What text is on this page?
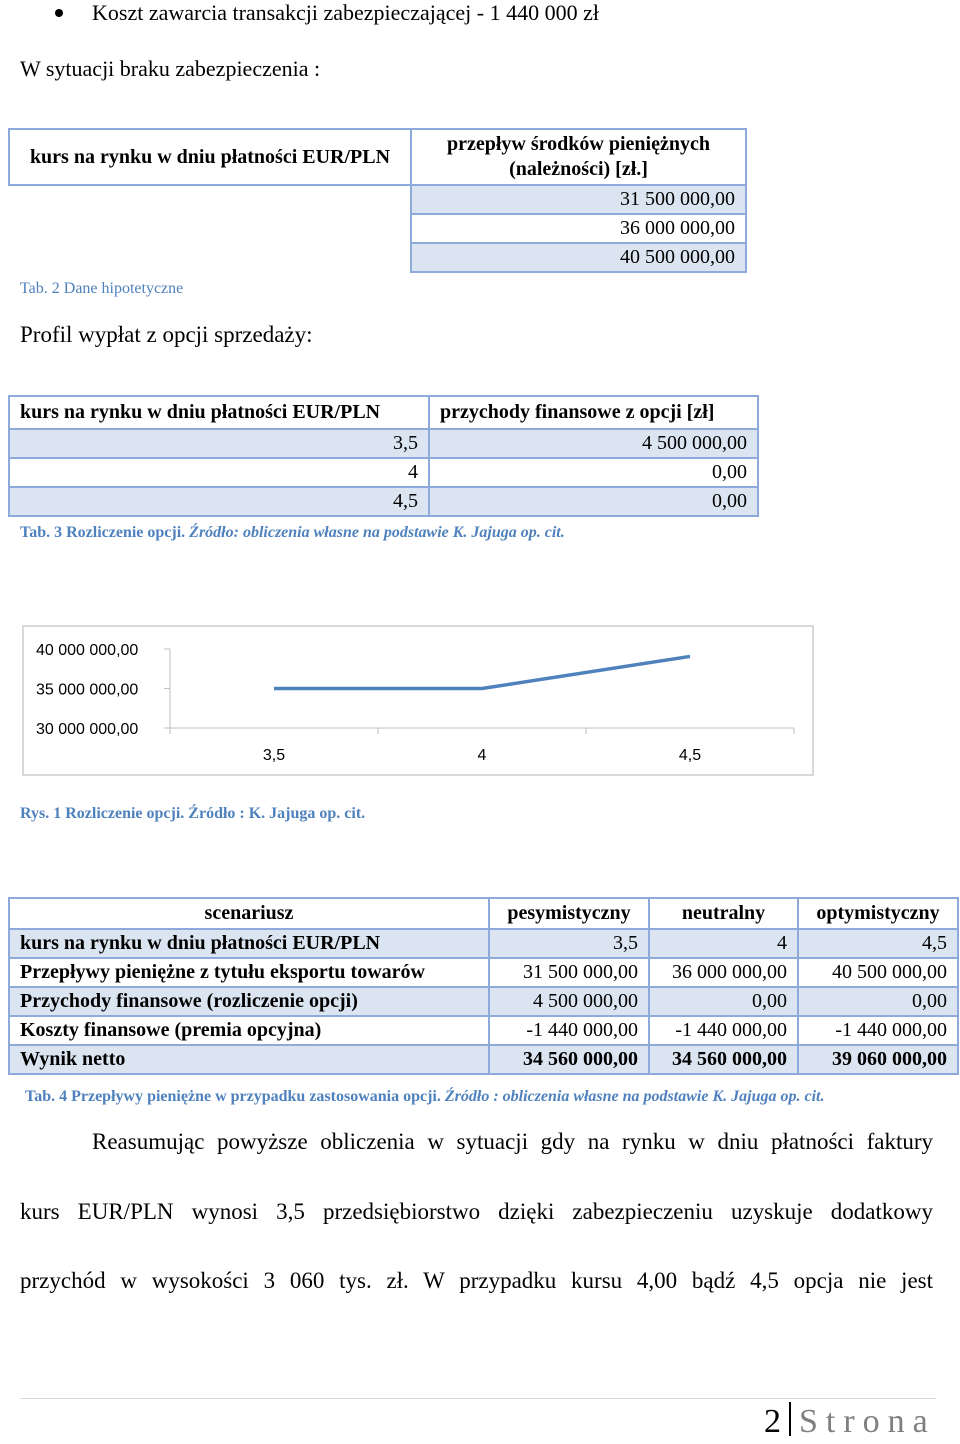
Koszt zawarcia transakcji zabezpieczającej - 1 440 000 zł
W sytuacji braku zabezpieczenia :
kurs na rynku w dniu płatności EUR/PLN	przepływ środków pieniężnych (należności) [zł.]
	31 500 000,00
	36 000 000,00
	40 500 000,00
Tab. 2 Dane hipotetyczne
Profil wypłat z opcji sprzedaży:
kurs na rynku w dniu płatności EUR/PLN	przychody finansowe z opcji [zł]
3,5	4 500 000,00
4	0,00
4,5	0,00
Tab. 3 Rozliczenie opcji. Źródło: obliczenia własne na podstawie K. Jajuga op. cit.
40 000 000,00
35 000 000,00
30 000 000,00
3,5	4	4,5
Rys. 1 Rozliczenie opcji. Źródło : K. Jajuga op. cit.
scenariusz	pesymistyczny	neutralny	optymistyczny
kurs na rynku w dniu płatności EUR/PLN	3,5	4	4,5
Przepływy pieniężne z tytułu eksportu towarów	31 500 000,00	36 000 000,00	40 500 000,00
Przychody finansowe (rozliczenie opcji)	4 500 000,00	0,00	0,00
Koszty finansowe (premia opcyjna)	-1 440 000,00	-1 440 000,00	-1 440 000,00
Wynik netto	34 560 000,00	34 560 000,00	39 060 000,00
Tab. 4 Przepływy pieniężne w przypadku zastosowania opcji. Źródło : obliczenia własne na podstawie K. Jajuga op. cit.
Reasumując powyższe obliczenia w sytuacji gdy na rynku w dniu płatności faktury
kurs EUR/PLN wynosi 3,5 przedsiębiorstwo dzięki zabezpieczeniu uzyskuje dodatkowy
przychód w wysokości 3 060 tys. zł. W przypadku kursu 4,00 bądź 4,5 opcja nie jest
2 Strona
